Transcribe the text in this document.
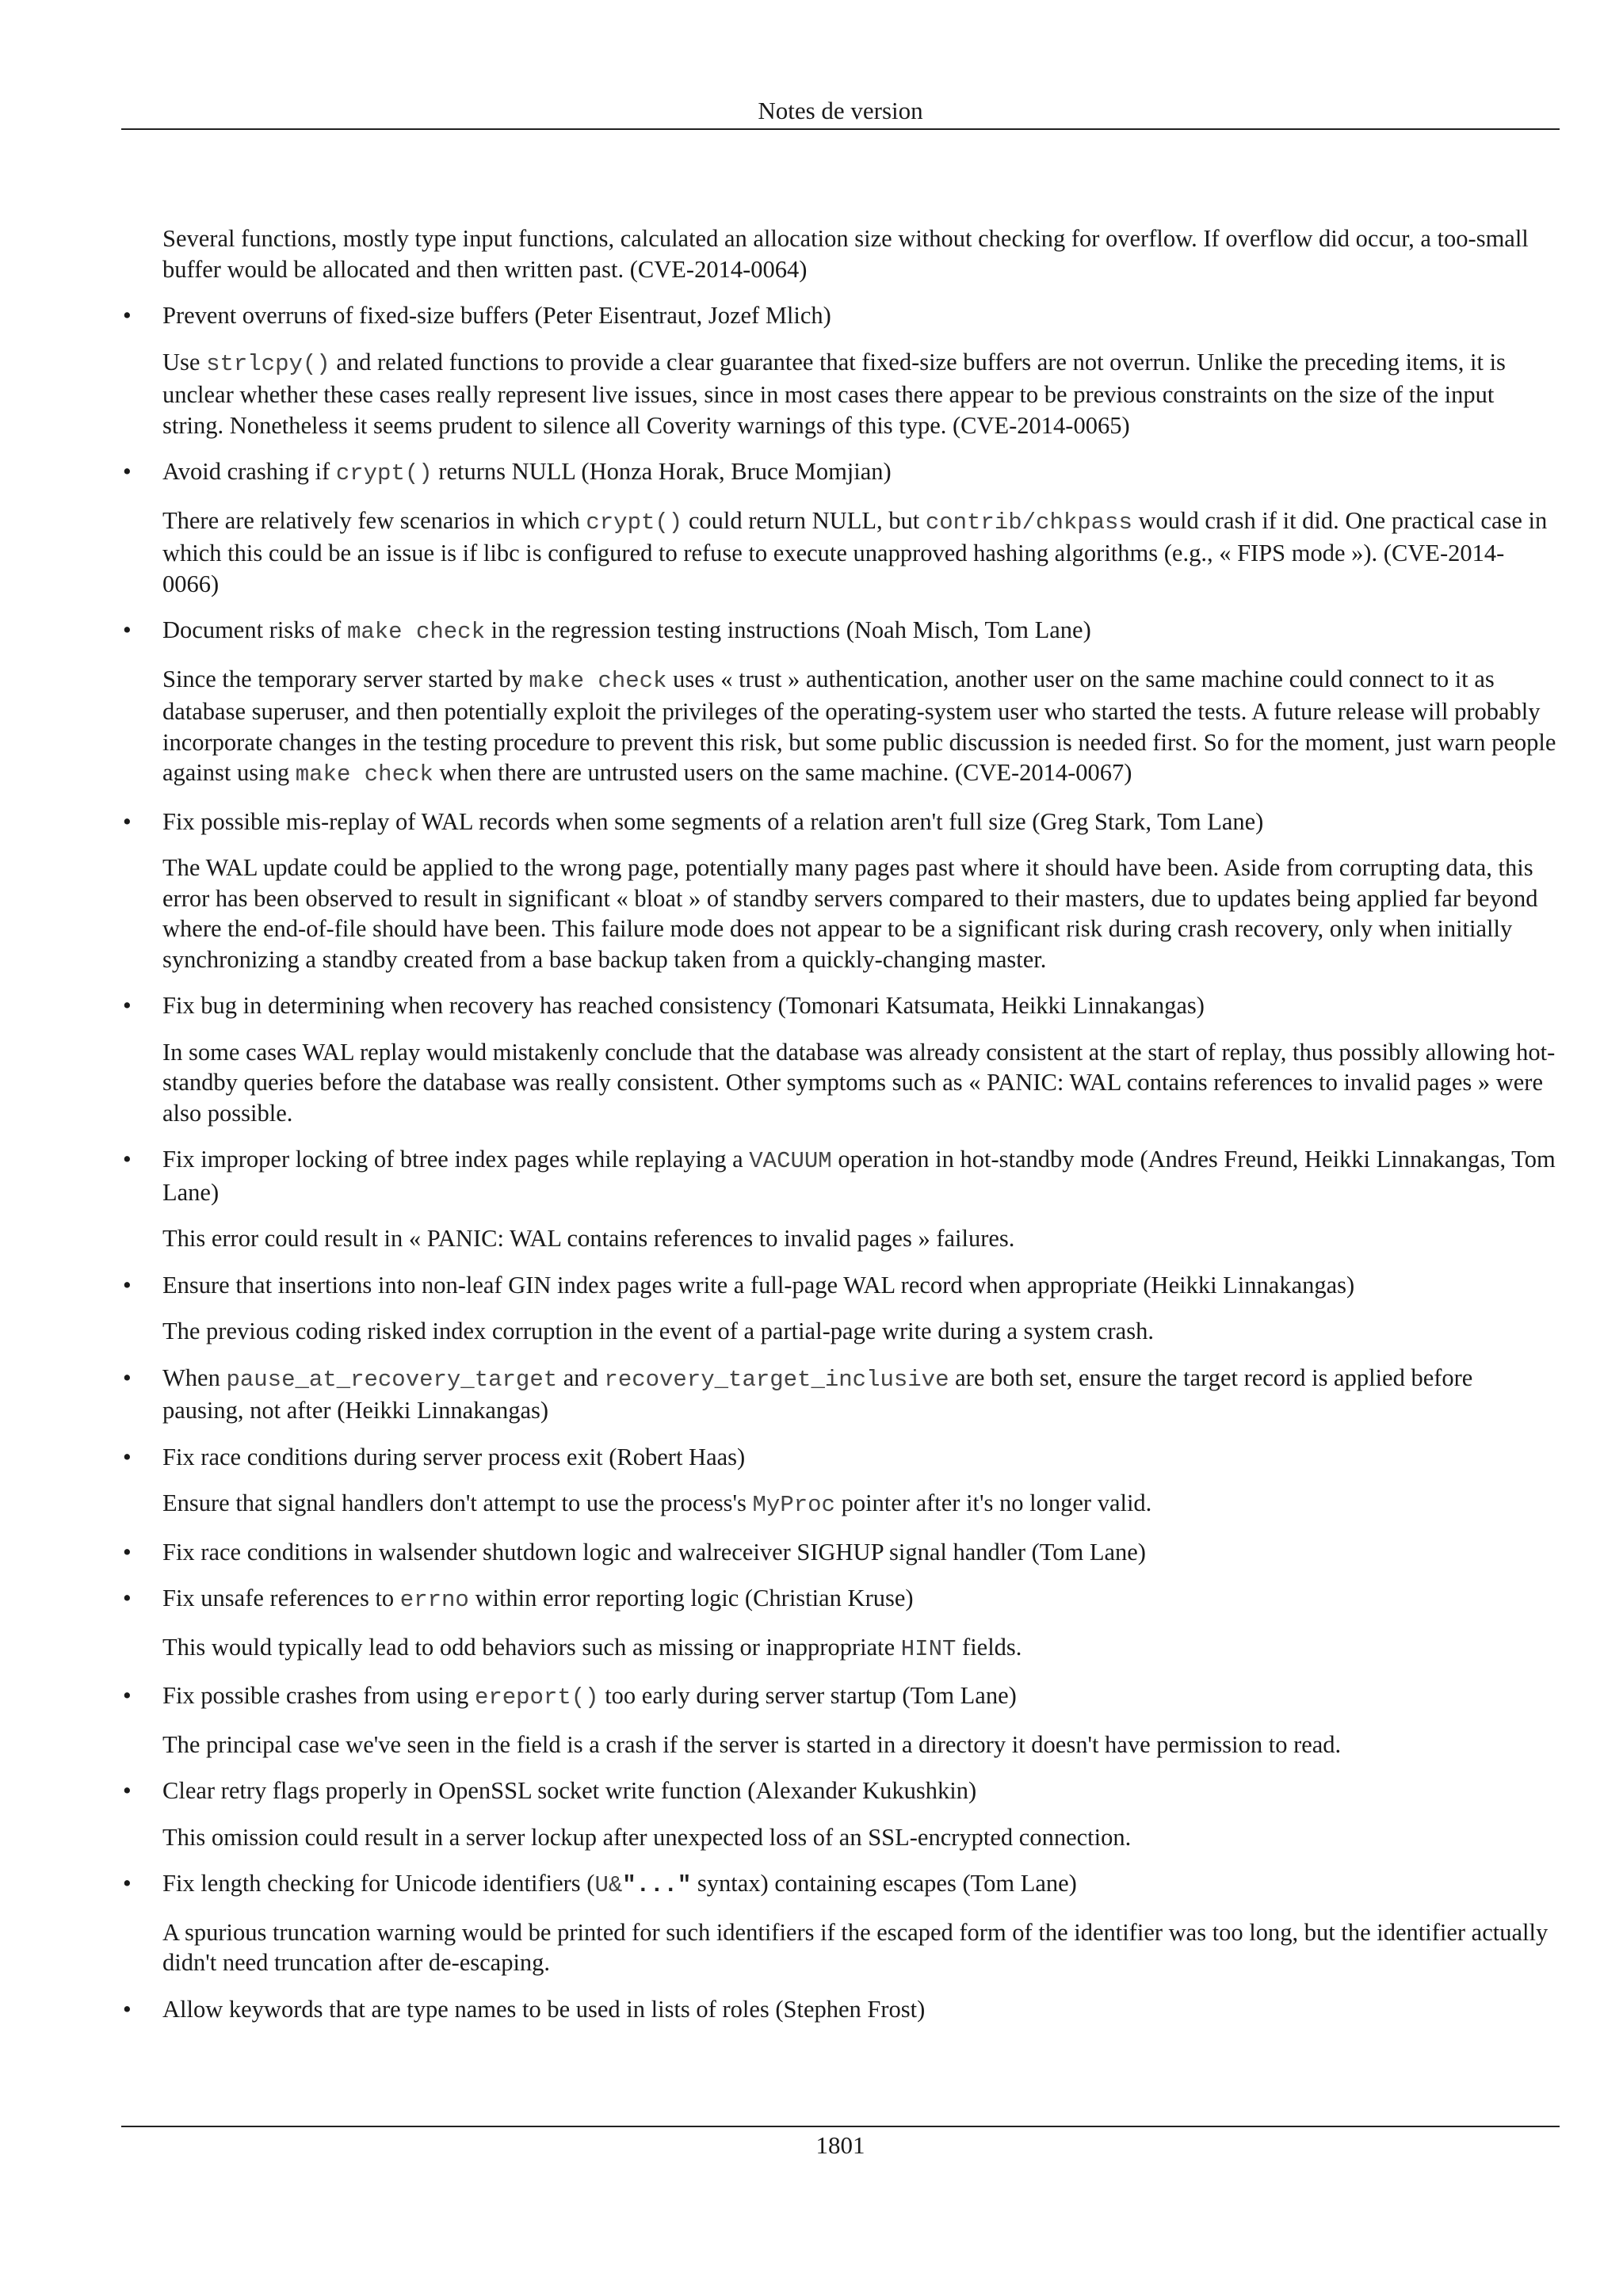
Notes de version

Several functions, mostly type input functions, calculated an allocation size without checking for overflow. If overflow did occur, a too-small buffer would be allocated and then written past. (CVE-2014-0064)

•	Prevent overruns of fixed-size buffers (Peter Eisentraut, Jozef Mlich)

Use strlcpy() and related functions to provide a clear guarantee that fixed-size buffers are not overrun. Unlike the preceding items, it is unclear whether these cases really represent live issues, since in most cases there appear to be previous constraints on the size of the input string. Nonetheless it seems prudent to silence all Coverity warnings of this type. (CVE-2014-0065)

•	Avoid crashing if crypt() returns NULL (Honza Horak, Bruce Momjian)

There are relatively few scenarios in which crypt() could return NULL, but contrib/chkpass would crash if it did. One practical case in which this could be an issue is if libc is configured to refuse to execute unapproved hashing algorithms (e.g., « FIPS mode »). (CVE-2014-0066)

•	Document risks of make check in the regression testing instructions (Noah Misch, Tom Lane)

Since the temporary server started by make check uses « trust » authentication, another user on the same machine could connect to it as database superuser, and then potentially exploit the privileges of the operating-system user who started the tests. A future release will probably incorporate changes in the testing procedure to prevent this risk, but some public discussion is needed first. So for the moment, just warn people against using make check when there are untrusted users on the same machine. (CVE-2014-0067)

•	Fix possible mis-replay of WAL records when some segments of a relation aren't full size (Greg Stark, Tom Lane)

The WAL update could be applied to the wrong page, potentially many pages past where it should have been. Aside from corrupting data, this error has been observed to result in significant « bloat » of standby servers compared to their masters, due to updates being applied far beyond where the end-of-file should have been. This failure mode does not appear to be a significant risk during crash recovery, only when initially synchronizing a standby created from a base backup taken from a quickly-changing master.

•	Fix bug in determining when recovery has reached consistency (Tomonari Katsumata, Heikki Linnakangas)

In some cases WAL replay would mistakenly conclude that the database was already consistent at the start of replay, thus possibly allowing hot-standby queries before the database was really consistent. Other symptoms such as « PANIC: WAL contains references to invalid pages » were also possible.

•	Fix improper locking of btree index pages while replaying a VACUUM operation in hot-standby mode (Andres Freund, Heikki Linnakangas, Tom Lane)

This error could result in « PANIC: WAL contains references to invalid pages » failures.

•	Ensure that insertions into non-leaf GIN index pages write a full-page WAL record when appropriate (Heikki Linnakangas)

The previous coding risked index corruption in the event of a partial-page write during a system crash.

•	When pause_at_recovery_target and recovery_target_inclusive are both set, ensure the target record is applied before pausing, not after (Heikki Linnakangas)
•	Fix race conditions during server process exit (Robert Haas)

Ensure that signal handlers don't attempt to use the process's MyProc pointer after it's no longer valid.

•	Fix race conditions in walsender shutdown logic and walreceiver SIGHUP signal handler (Tom Lane)
•	Fix unsafe references to errno within error reporting logic (Christian Kruse)

This would typically lead to odd behaviors such as missing or inappropriate HINT fields.

•	Fix possible crashes from using ereport() too early during server startup (Tom Lane)

The principal case we've seen in the field is a crash if the server is started in a directory it doesn't have permission to read.

•	Clear retry flags properly in OpenSSL socket write function (Alexander Kukushkin)

This omission could result in a server lockup after unexpected loss of an SSL-encrypted connection.

•	Fix length checking for Unicode identifiers (U&"..." syntax) containing escapes (Tom Lane)

A spurious truncation warning would be printed for such identifiers if the escaped form of the identifier was too long, but the identifier actually didn't need truncation after de-escaping.

•	Allow keywords that are type names to be used in lists of roles (Stephen Frost)
1801
